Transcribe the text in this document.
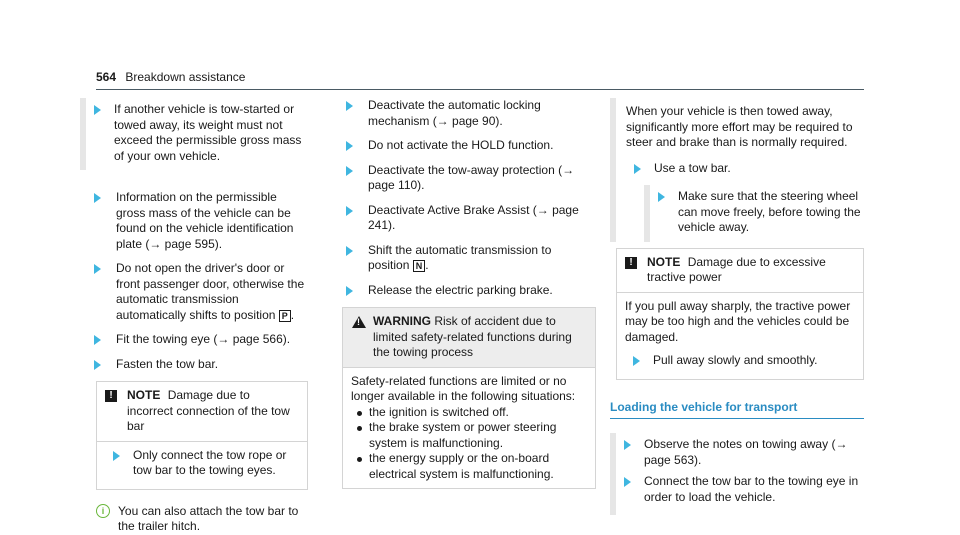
564 Breakdown assistance
If another vehicle is tow-started or towed away, its weight must not exceed the permissible gross mass of your own vehicle.
Information on the permissible gross mass of the vehicle can be found on the vehicle identification plate (→ page 595).
Do not open the driver's door or front passenger door, otherwise the automatic transmission automatically shifts to position P .
Fit the towing eye (→ page 566).
Fasten the tow bar.
!	NOTE Damage due to incorrect connection of the tow bar
Only connect the tow rope or tow bar to the towing eyes.
i	You can also attach the tow bar to the trailer hitch.
Deactivate the automatic locking mechanism (→ page 90).
Do not activate the HOLD function.
Deactivate the tow-away protection (→ page 110).
Deactivate Active Brake Assist (→ page 241).
Shift the automatic transmission to position N .
Release the electric parking brake.
!
WARNING Risk of accident due to limited safety-related functions during the towing process
Safety-related functions are limited or no longer available in the following situations:
the ignition is switched off.
the brake system or power steering system is malfunctioning.
the energy supply or the on-board electrical system is malfunctioning.
When your vehicle is then towed away, significantly more effort may be required to steer and brake than is normally required.
Use a tow bar.
Make sure that the steering wheel can move freely, before towing the vehicle away.
!	NOTE Damage due to excessive tractive power
If you pull away sharply, the tractive power may be too high and the vehicles could be damaged.
Pull away slowly and smoothly.
Loading the vehicle for transport
Observe the notes on towing away (→ page 563).
Connect the tow bar to the towing eye in order to load the vehicle.
